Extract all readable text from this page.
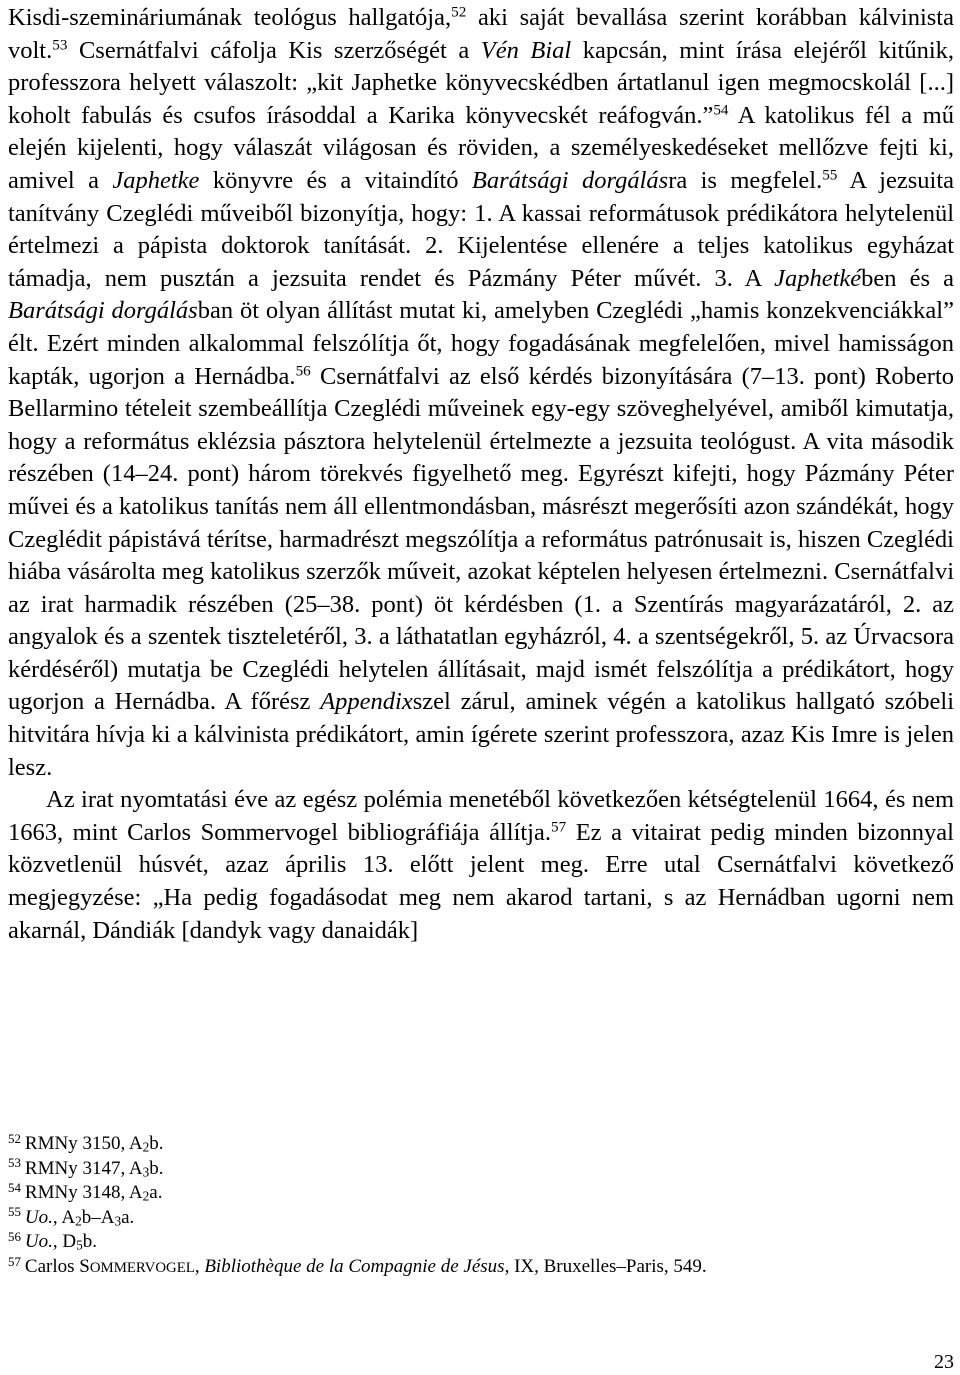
Kisdi-szemináriumának teológus hallgatója,$^{52}$ aki saját bevallása szerint korábban kálvinista volt.$^{53}$ Csernátfalvi cáfolja Kis szerzőségét a Vén Bial kapcsán, mint írása elejéről kitűnik, professzora helyett válaszolt: „kit Japhetke könyvecskédben ártatlanul igen megmocskolál [...] koholt fabulás és csufos írásoddal a Karika könyvecskét reáfogván.”$^{54}$ A katolikus fél a mű elején kijelenti, hogy válaszát világosan és röviden, a személyeskedéseket mellőzve fejti ki, amivel a Japhetke könyvre és a vitaindító Barátsági dorgálásra is megfelel.$^{55}$ A jezsuita tanítvány Czeglédi műveiből bizonyítja, hogy: 1. A kassai reformátusok prédikátora helytelenül értelmezi a pápista doktorok tanítását. 2. Kijelentése ellenére a teljes katolikus egyházat támadja, nem pusztán a jezsuita rendet és Pázmány Péter művét. 3. A Japhetkében és a Barátsági dorgálásban öt olyan állítást mutat ki, amelyben Czeglédi „hamis konzekvenciákkal” élt. Ezért minden alkalommal felszólítja őt, hogy fogadásának megfelelően, mivel hamisságon kapták, ugorjon a Hernádba.$^{56}$ Csernátfalvi az első kérdés bizonyítására (7–13. pont) Roberto Bellarmino tételeit szembeállítja Czeglédi műveinek egy-egy szöveghelyével, amiből kimutatja, hogy a református eklézsia pásztora helytelenül értelmezte a jezsuita teológust. A vita második részében (14–24. pont) három törekvés figyelhető meg. Egyrészt kifejti, hogy Pázmány Péter művei és a katolikus tanítás nem áll ellentmondásban, másrészt megerősíti azon szándékát, hogy Czeglédit pápistává térítse, harmadrészt megszólítja a református patrónusait is, hiszen Czeglédi hiába vásárolta meg katolikus szerzők műveit, azokat képtelen helyesen értelmezni. Csernátfalvi az irat harmadik részében (25–38. pont) öt kérdésben (1. a Szentírás magyarázatáról, 2. az angyalok és a szentek tiszteletéről, 3. a láthatatlan egyházról, 4. a szentségekről, 5. az Úrvacsora kérdéséről) mutatja be Czeglédi helytelen állításait, majd ismét felszólítja a prédikátort, hogy ugorjon a Hernádba. A főrész Appendixszel zárul, aminek végén a katolikus hallgató szóbeli hitvitára hívja ki a kálvinista prédikátort, amin ígérete szerint professzora, azaz Kis Imre is jelen lesz.

Az irat nyomtatási éve az egész polémia menetéből következően kétségtelenül 1664, és nem 1663, mint Carlos Sommervogel bibliográfiája állítja.$^{57}$ Ez a vitairat pedig minden bizonnyal közvetlenül húsvét, azaz április 13. előtt jelent meg. Erre utal Csernátfalvi következő megjegyzése: „Ha pedig fogadásodat meg nem akarod tartani, s az Hernádban ugorni nem akarnál, Dándiák [dandyk vagy danaidák]

$^{52}$ RMNy 3150, $A_2b$.

$^{53}$ RMNy 3147, $A_3b$.

$^{54}$ RMNy 3148, $A_2a$.

$^{55}$ Uo., $A_2b-A_3a$.

$^{56}$ Uo., $D_5b$.

$^{57}$ Carlos SOMMERVOGEL, Bibliothèque de la Compagnie de Jésus, IX, Bruxelles–Paris, 549.

23
